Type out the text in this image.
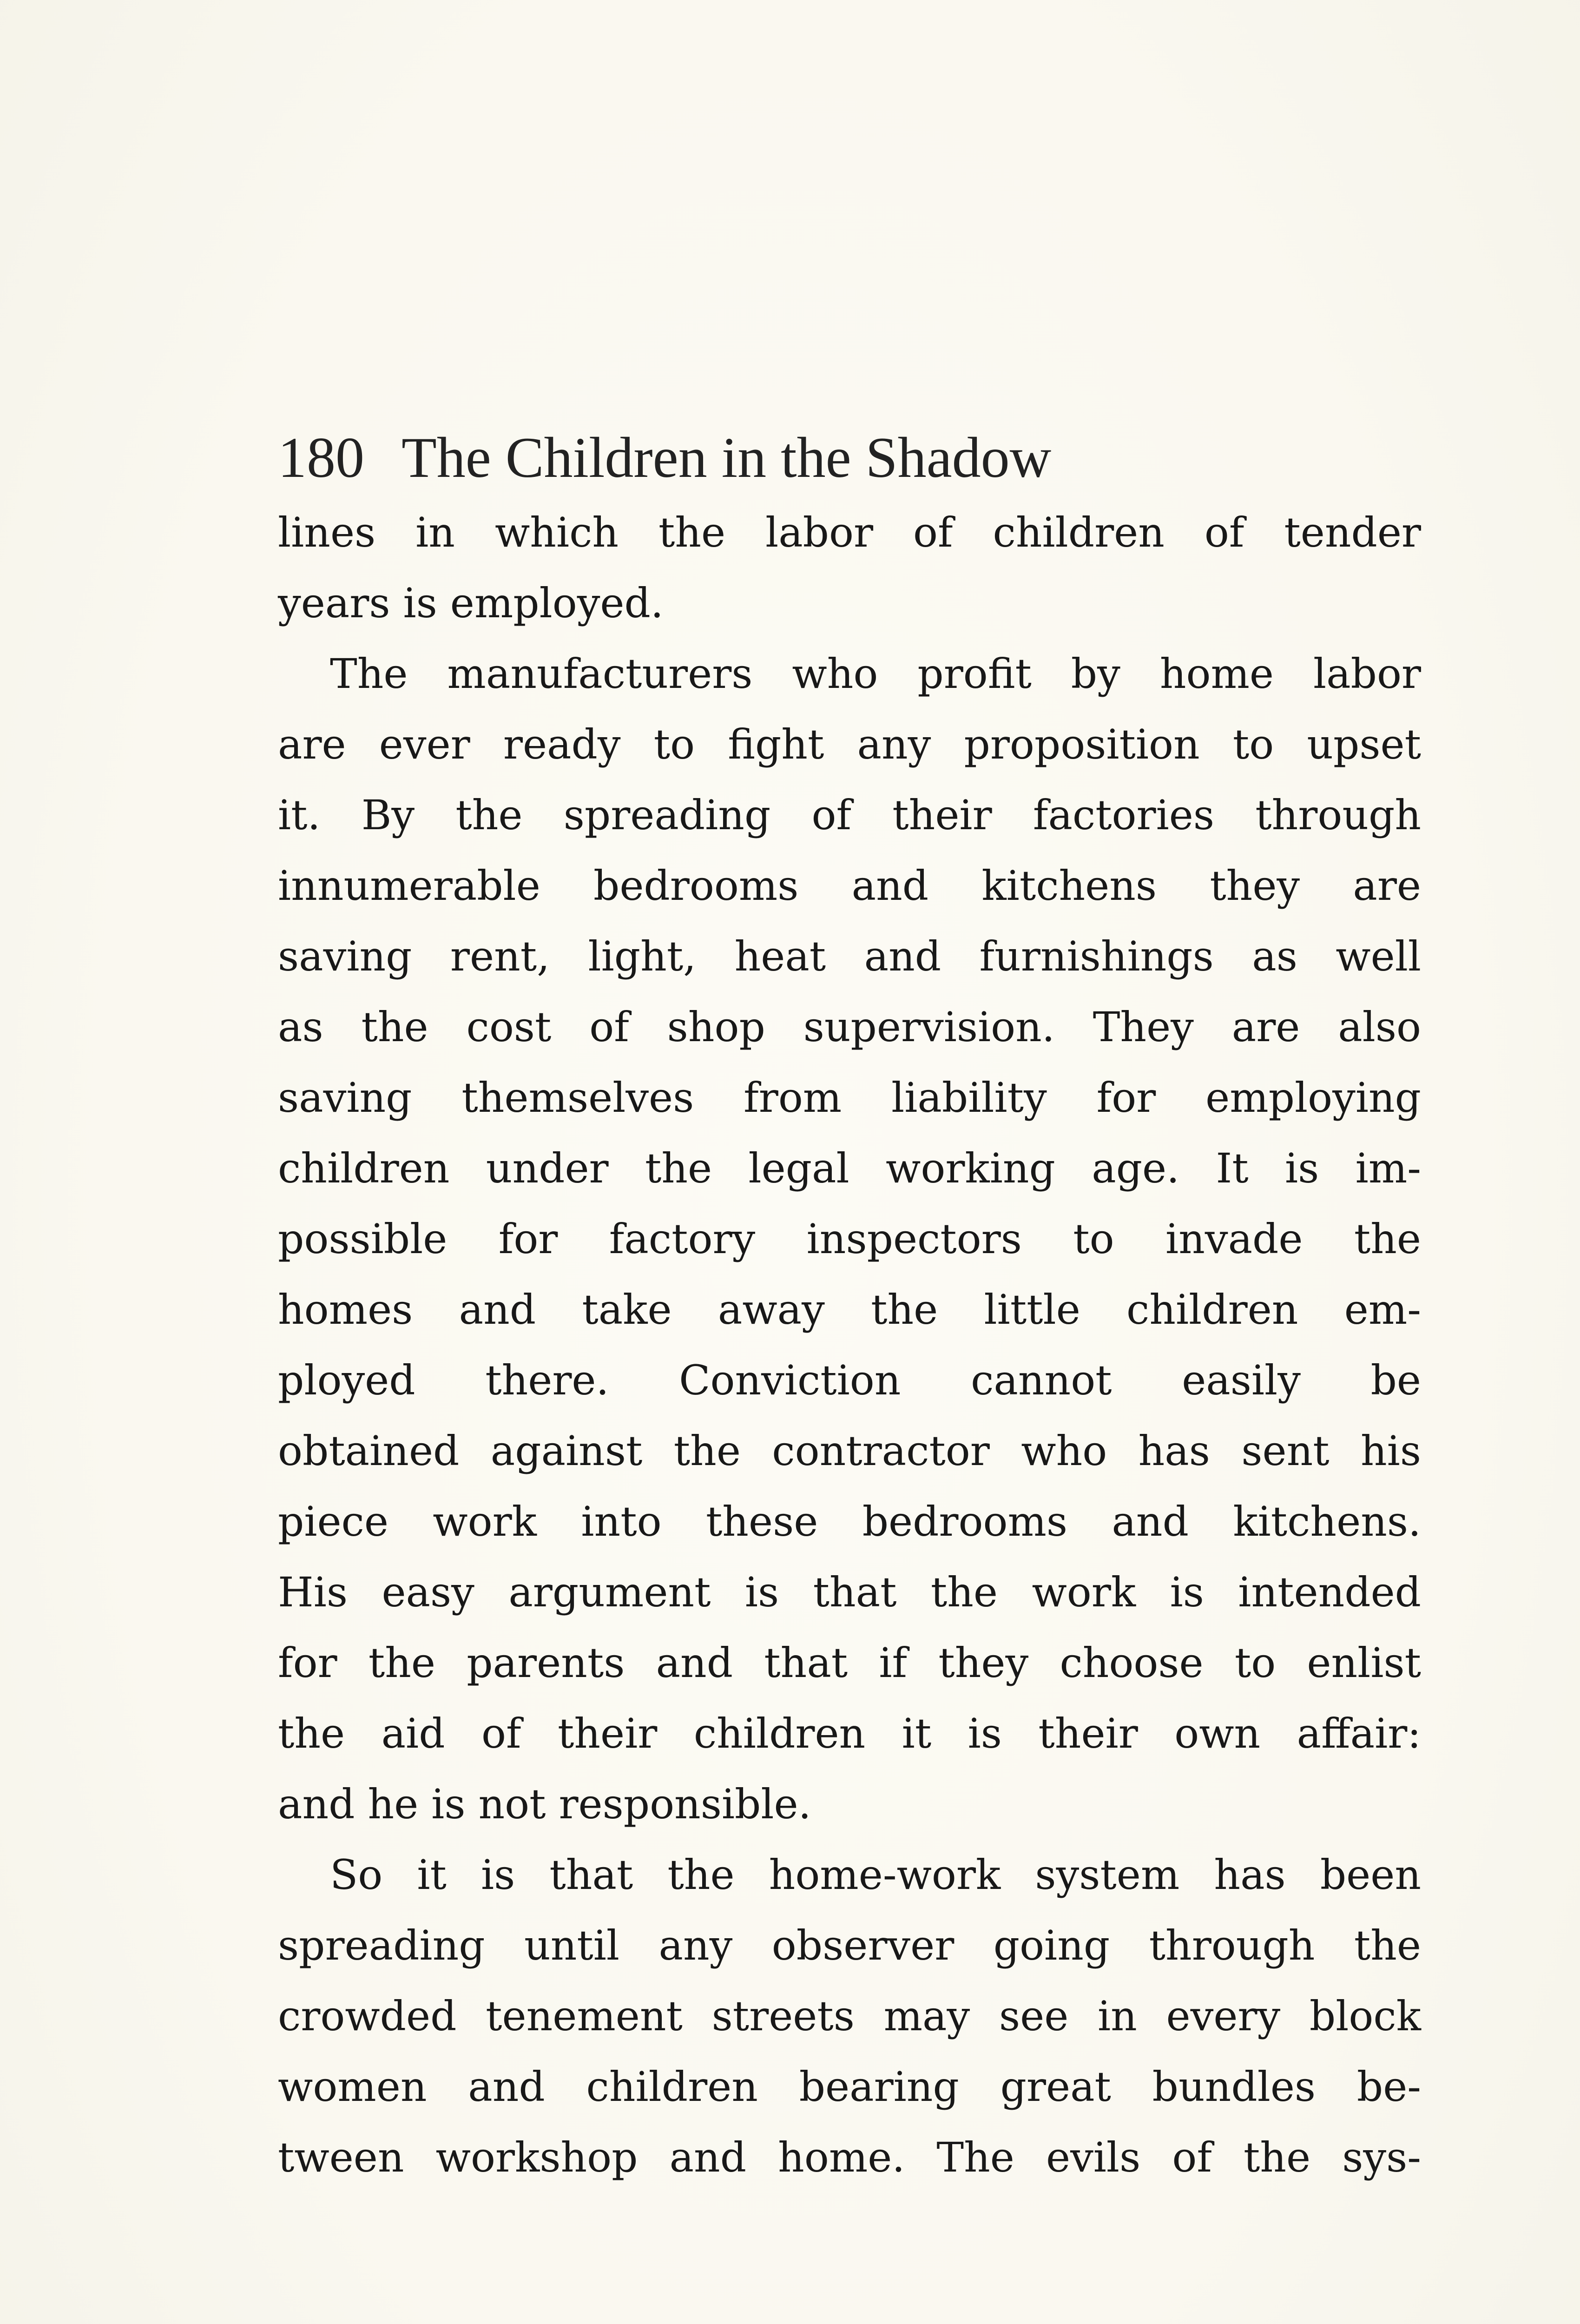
180 The Children in the Shadow

lines in which the labor of children of tender
years is employed.

The manufacturers who profit by home labor
are ever ready to fight any proposition to upset
it. By the spreading of their factories through
innumerable bedrooms and kitchens they are
saving rent, light, heat and furnishings as well
as the cost of shop supervision. They are also
saving themselves from liability for employing
children under the legal working age. It is im-
possible for factory inspectors to invade the
homes and take away the little children em-
ployed there. Conviction cannot easily be
obtained against the contractor who has sent his
piece work into these bedrooms and kitchens.
His easy argument is that the work is intended
for the parents and that if they choose to enlist
the aid of their children it is their own affair:
and he is not responsible.

So it is that the home-work system has been
spreading until any observer going through the
crowded tenement streets may see in every block
women and children bearing great bundles be-
tween workshop and home. The evils of the sys-
